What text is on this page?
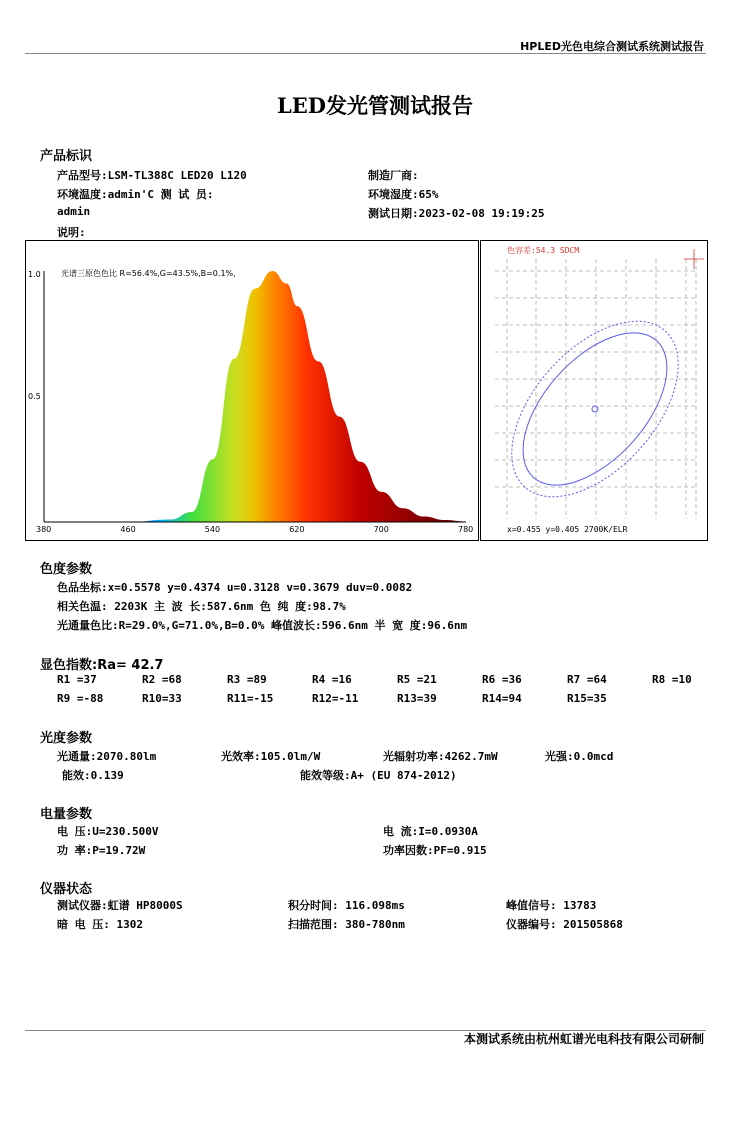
HPLED光色电综合测试系统测试报告
LED发光管测试报告
产品标识
产品型号:LSM-TL388C LED20 L120	制造厂商:
环境温度:admin'C 测 试 员:	环境湿度:65%
admin	测试日期:2023-02-08 19:19:25
说明:
光谱三原色色比 R=56.4%,G=43.5%,B=0.1%,
1.0
0.5
380	460	540	620	700	780
色容差:54.3 SDCM
x=0.455 y=0.405 2700K/ELR
色度参数
色品坐标:x=0.5578 y=0.4374 u=0.3128 v=0.3679 duv=0.0082
相关色温: 2203K 主 波 长:587.6nm 色 纯 度:98.7%
光通量色比:R=29.0%,G=71.0%,B=0.0% 峰值波长:596.6nm 半 宽 度:96.6nm
显色指数:Ra= 42.7
R1 =37	R2 =68	R3 =89	R4 =16	R5 =21	R6 =36	R7 =64	R8 =10
R9 =-88	R10=33	R11=-15	R12=-11	R13=39	R14=94	R15=35
光度参数
光通量:2070.80lm	光效率:105.0lm/W	光辐射功率:4262.7mW	光强:0.0mcd
能效:0.139	能效等级:A+ (EU 874-2012)
电量参数
电 压:U=230.500V	电 流:I=0.0930A
功 率:P=19.72W	功率因数:PF=0.915
仪器状态
测试仪器:虹谱 HP8000S	积分时间: 116.098ms	峰值信号: 13783
暗 电 压: 1302	扫描范围: 380-780nm	仪器编号: 201505868
本测试系统由杭州虹谱光电科技有限公司研制
